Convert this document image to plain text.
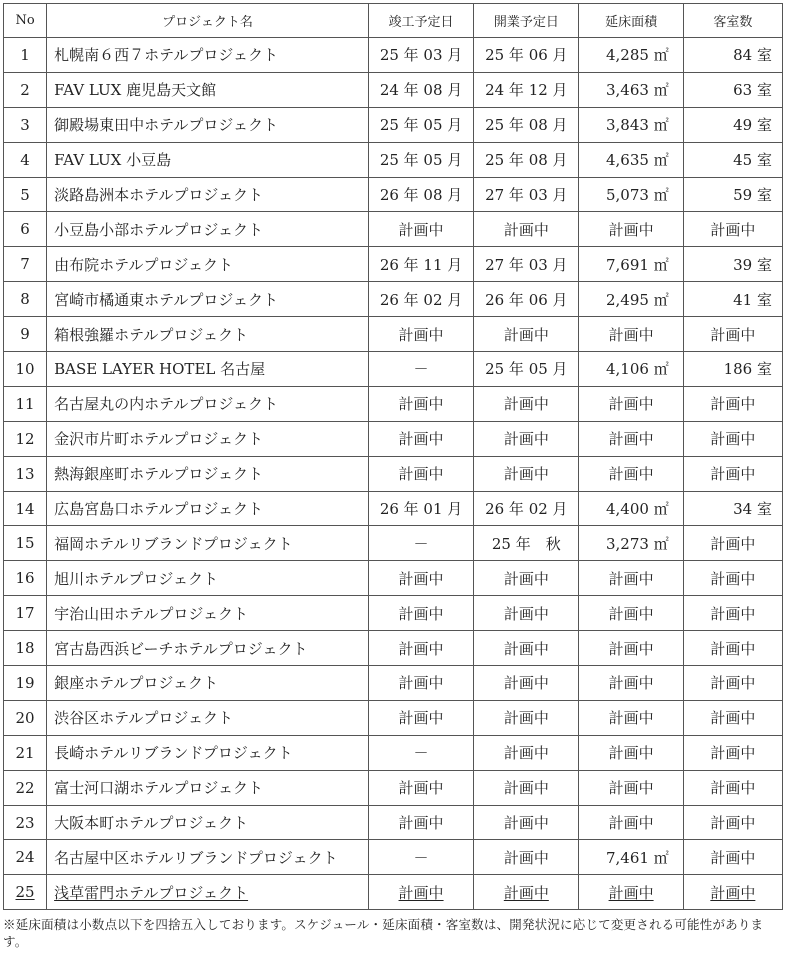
No	プロジェクト名	竣工予定日	開業予定日	延床面積	客室数
1	札幌南６西７ホテルプロジェクト	25 年 03 月	25 年 06 月	4,285 ㎡	84 室
2	FAV LUX 鹿児島天文館	24 年 08 月	24 年 12 月	3,463 ㎡	63 室
3	御殿場東田中ホテルプロジェクト	25 年 05 月	25 年 08 月	3,843 ㎡	49 室
4	FAV LUX 小豆島	25 年 05 月	25 年 08 月	4,635 ㎡	45 室
5	淡路島洲本ホテルプロジェクト	26 年 08 月	27 年 03 月	5,073 ㎡	59 室
6	小豆島小部ホテルプロジェクト	計画中	計画中	計画中	計画中
7	由布院ホテルプロジェクト	26 年 11 月	27 年 03 月	7,691 ㎡	39 室
8	宮崎市橘通東ホテルプロジェクト	26 年 02 月	26 年 06 月	2,495 ㎡	41 室
9	箱根強羅ホテルプロジェクト	計画中	計画中	計画中	計画中
10	BASE LAYER HOTEL 名古屋	－	25 年 05 月	4,106 ㎡	186 室
11	名古屋丸の内ホテルプロジェクト	計画中	計画中	計画中	計画中
12	金沢市片町ホテルプロジェクト	計画中	計画中	計画中	計画中
13	熱海銀座町ホテルプロジェクト	計画中	計画中	計画中	計画中
14	広島宮島口ホテルプロジェクト	26 年 01 月	26 年 02 月	4,400 ㎡	34 室
15	福岡ホテルリブランドプロジェクト	－	25 年　秋	3,273 ㎡	計画中
16	旭川ホテルプロジェクト	計画中	計画中	計画中	計画中
17	宇治山田ホテルプロジェクト	計画中	計画中	計画中	計画中
18	宮古島西浜ビーチホテルプロジェクト	計画中	計画中	計画中	計画中
19	銀座ホテルプロジェクト	計画中	計画中	計画中	計画中
20	渋谷区ホテルプロジェクト	計画中	計画中	計画中	計画中
21	長崎ホテルリブランドプロジェクト	－	計画中	計画中	計画中
22	富士河口湖ホテルプロジェクト	計画中	計画中	計画中	計画中
23	大阪本町ホテルプロジェクト	計画中	計画中	計画中	計画中
24	名古屋中区ホテルリブランドプロジェクト	－	計画中	7,461 ㎡	計画中
25	浅草雷門ホテルプロジェクト	計画中	計画中	計画中	計画中
※延床面積は小数点以下を四捨五入しております。スケジュール・延床面積・客室数は、開発状況に応じて変更される可能性があります。
